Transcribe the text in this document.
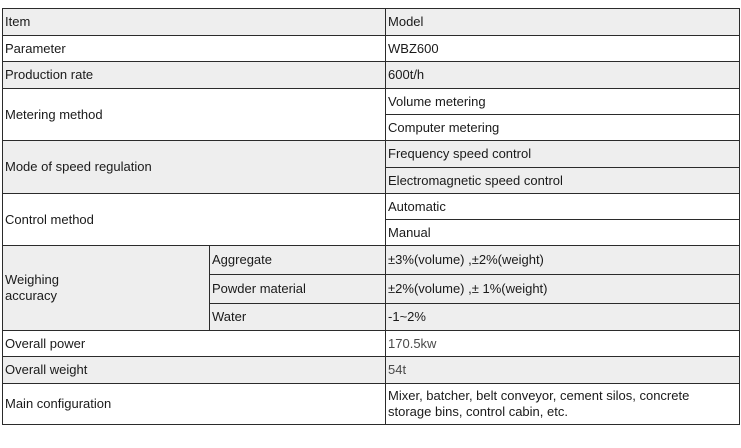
Item		Model
Parameter		WBZ600
Production rate		600t/h
Metering method		Volume metering
		Computer metering
Mode of speed regulation		Frequency speed control
		Electromagnetic speed control
Control method		Automatic
		Manual
Weighing
accuracy	Aggregate	±3%(volume) ,±2%(weight)
	Powder material	±2%(volume) ,± 1%(weight)
	Water	-1~2%
Overall power		170.5kw
Overall weight		54t
Main configuration		Mixer, batcher, belt conveyor, cement silos, concrete
storage bins, control cabin, etc.
